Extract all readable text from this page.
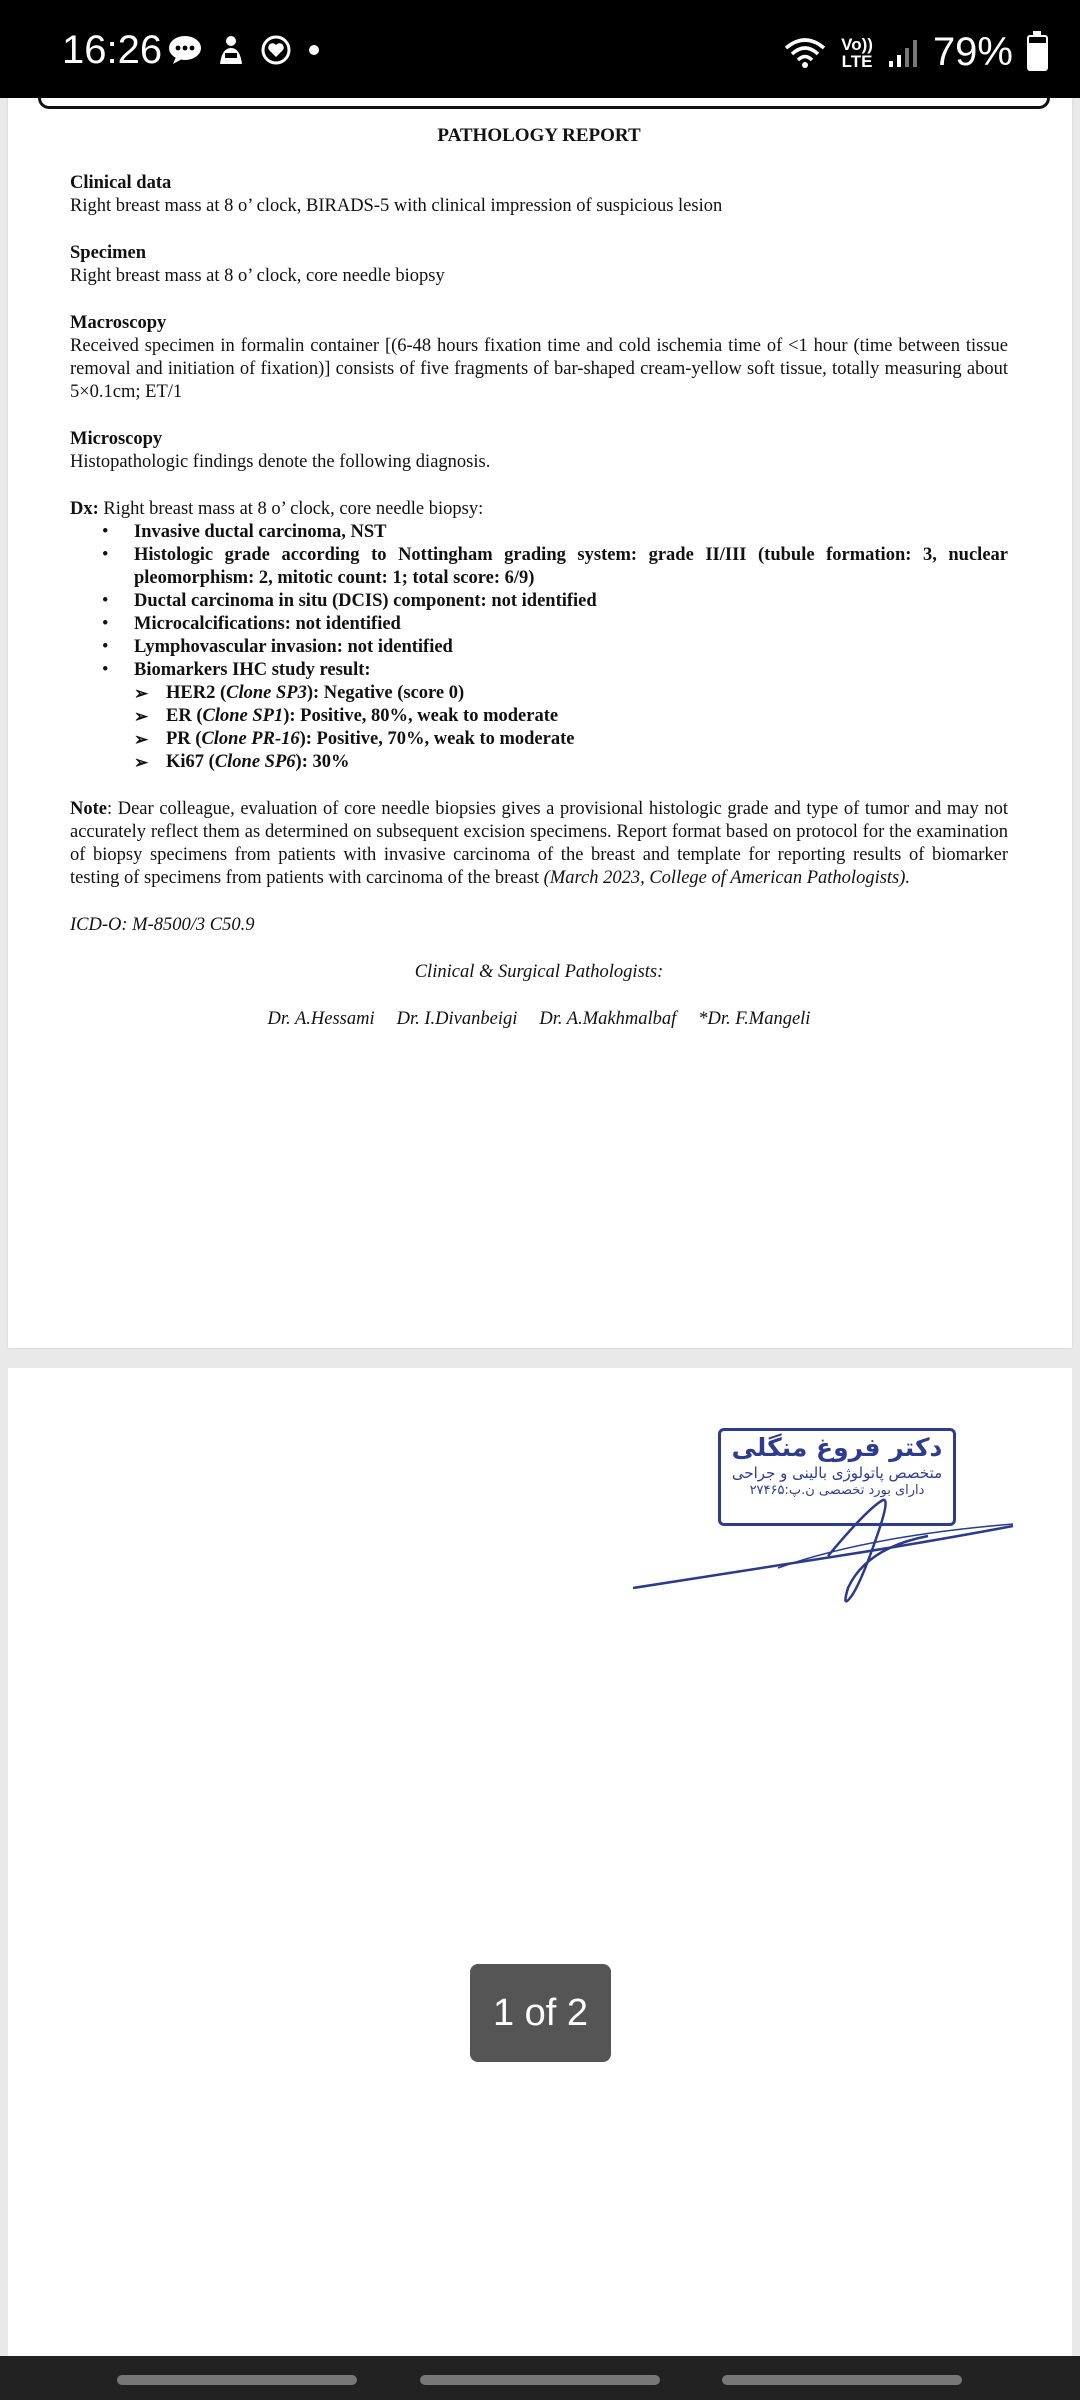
16:26	Vo))
LTE 79%
PATHOLOGY REPORT
Clinical data
Right breast mass at 8 o’ clock, BIRADS-5 with clinical impression of suspicious lesion
Specimen
Right breast mass at 8 o’ clock, core needle biopsy
Macroscopy
Received specimen in formalin container [(6-48 hours fixation time and cold ischemia time of <1 hour (time between tissue removal and initiation of fixation)] consists of five fragments of bar-shaped cream-yellow soft tissue, totally measuring about 5×0.1cm; ET/1
Microscopy
Histopathologic findings denote the following diagnosis.
Dx: Right breast mass at 8 o’ clock, core needle biopsy:
• Invasive ductal carcinoma, NST
• Histologic grade according to Nottingham grading system: grade II/III (tubule formation: 3, nuclear pleomorphism: 2, mitotic count: 1; total score: 6/9)
• Ductal carcinoma in situ (DCIS) component: not identified
• Microcalcifications: not identified
• Lymphovascular invasion: not identified
• Biomarkers IHC study result:
➢ HER2 (Clone SP3): Negative (score 0)
➢ ER (Clone SP1): Positive, 80%, weak to moderate
➢ PR (Clone PR-16): Positive, 70%, weak to moderate
➢ Ki67 (Clone SP6): 30%
Note: Dear colleague, evaluation of core needle biopsies gives a provisional histologic grade and type of tumor and may not accurately reflect them as determined on subsequent excision specimens. Report format based on protocol for the examination of biopsy specimens from patients with invasive carcinoma of the breast and template for reporting results of biomarker testing of specimens from patients with carcinoma of the breast (March 2023, College of American Pathologists).
ICD-O: M-8500/3 C50.9
Clinical & Surgical Pathologists:
Dr. A.Hessami Dr. I.Divanbeigi Dr. A.Makhmalbaf *Dr. F.Mangeli
دکتر فروغ منگلی
متخصص پاتولوژی بالینی و جراحی
دارای بورد تخصصی ن.پ:۲۷۴۶۵
1 of 2
